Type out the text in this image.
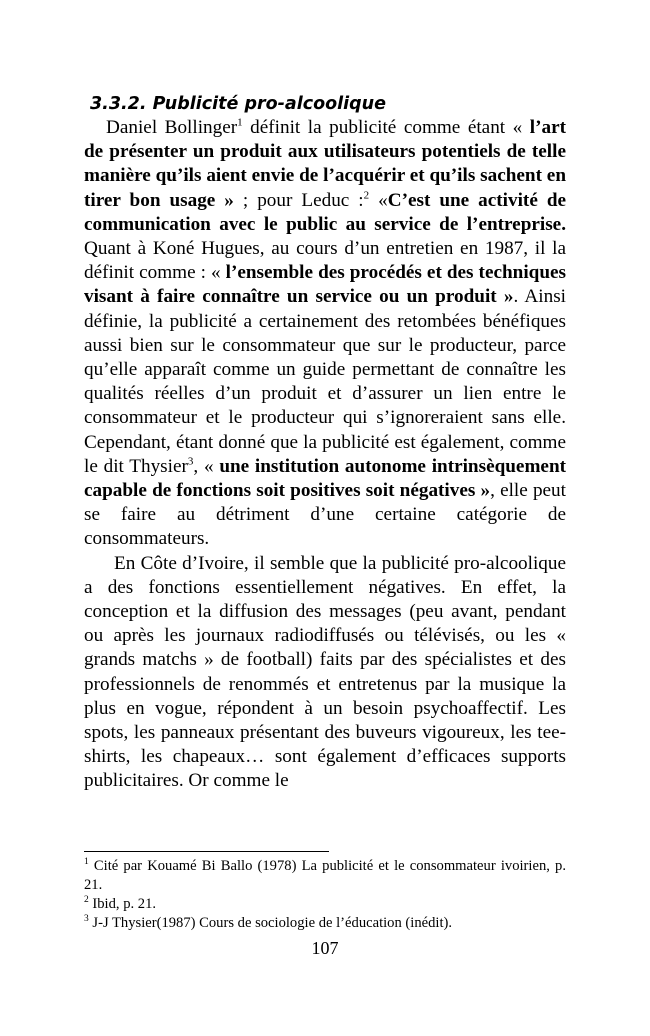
3.3.2. Publicité pro-alcoolique

Daniel Bollinger$^1$ définit la publicité comme étant « l’art de présenter un produit aux utilisateurs potentiels de telle manière qu’ils aient envie de l’acquérir et qu’ils sachent en tirer bon usage » ; pour Leduc :$^2$ «C’est une activité de communication avec le public au service de l’entreprise. Quant à Koné Hugues, au cours d’un entretien en 1987, il la définit comme : « l’ensemble des procédés et des techniques visant à faire connaître un service ou un produit ». Ainsi définie, la publicité a certainement des retombées bénéfiques aussi bien sur le consommateur que sur le producteur, parce qu’elle apparaît comme un guide permettant de connaître les qualités réelles d’un produit et d’assurer un lien entre le consommateur et le producteur qui s’ignoreraient sans elle. Cependant, étant donné que la publicité est également, comme le dit Thysier$^3$, « une institution autonome intrinsèquement capable de fonctions soit positives soit négatives », elle peut se faire au détriment d’une certaine catégorie de consommateurs.

En Côte d’Ivoire, il semble que la publicité pro-alcoolique a des fonctions essentiellement négatives. En effet, la conception et la diffusion des messages (peu avant, pendant ou après les journaux radiodiffusés ou télévisés, ou les « grands matchs » de football) faits par des spécialistes et des professionnels de renommés et entretenus par la musique la plus en vogue, répondent à un besoin psychoaffectif. Les spots, les panneaux présentant des buveurs vigoureux, les tee-shirts, les chapeaux… sont également d’efficaces supports publicitaires. Or comme le

$^1$ Cité par Kouamé Bi Ballo (1978) La publicité et le consommateur ivoirien, p. 21.

$^2$ Ibid, p. 21.

$^3$ J-J Thysier(1987) Cours de sociologie de l’éducation (inédit).

107
